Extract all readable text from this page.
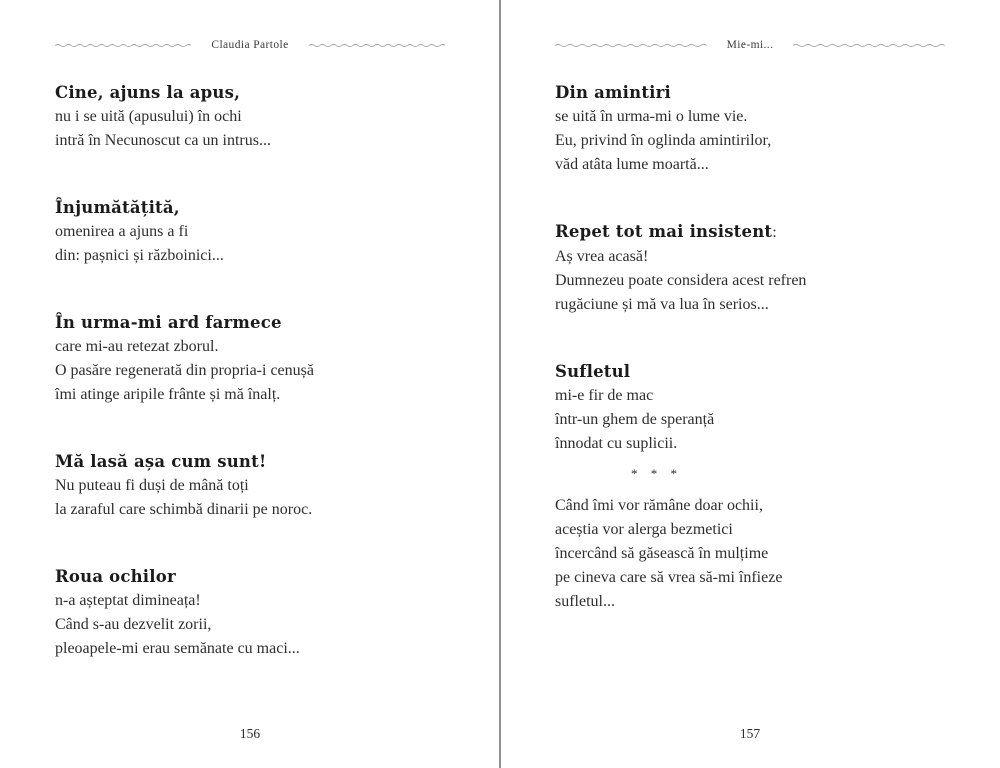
Claudia Partole
Cine, ajuns la apus,

nu i se uită (apusului) în ochi

intră în Necunoscut ca un intrus...

Înjumătățită,

omenirea a ajuns a fi

din: pașnici și războinici...

În urma-mi ard farmece

care mi-au retezat zborul.

O pasăre regenerată din propria-i cenușă

îmi atinge aripile frânte și mă înalț.

Mă lasă așa cum sunt!

Nu puteau fi duși de mână toți

la zaraful care schimbă dinarii pe noroc.

Roua ochilor

n-a așteptat dimineața!

Când s-au dezvelit zorii,

pleoapele-mi erau semănate cu maci...

156
Mie-mi...
Din amintiri

se uită în urma-mi o lume vie.

Eu, privind în oglinda amintirilor,

văd atâta lume moartă...

Repet tot mai insistent:

Aș vrea acasă!

Dumnezeu poate considera acest refren

rugăciune și mă va lua în serios...

Sufletul

mi-e fir de mac

într-un ghem de speranță

înnodat cu suplicii.

* * *

Când îmi vor rămâne doar ochii,

aceștia vor alerga bezmetici

încercând să găsească în mulțime

pe cineva care să vrea să-mi înfieze

sufletul...

157
